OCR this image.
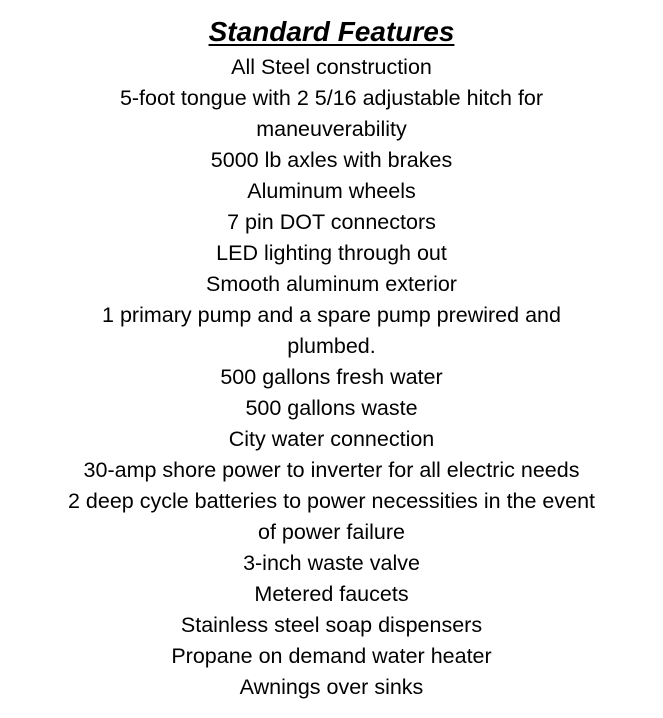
Standard Features
All Steel construction
5-foot tongue with 2 5/16 adjustable hitch for maneuverability
5000 lb axles with brakes
Aluminum wheels
7 pin DOT connectors
LED lighting through out
Smooth aluminum exterior
1 primary pump and a spare pump prewired and plumbed.
500 gallons fresh water
500 gallons waste
City water connection
30-amp shore power to inverter for all electric needs
2 deep cycle batteries to power necessities in the event of power failure
3-inch waste valve
Metered faucets
Stainless steel soap dispensers
Propane on demand water heater
Awnings over sinks
